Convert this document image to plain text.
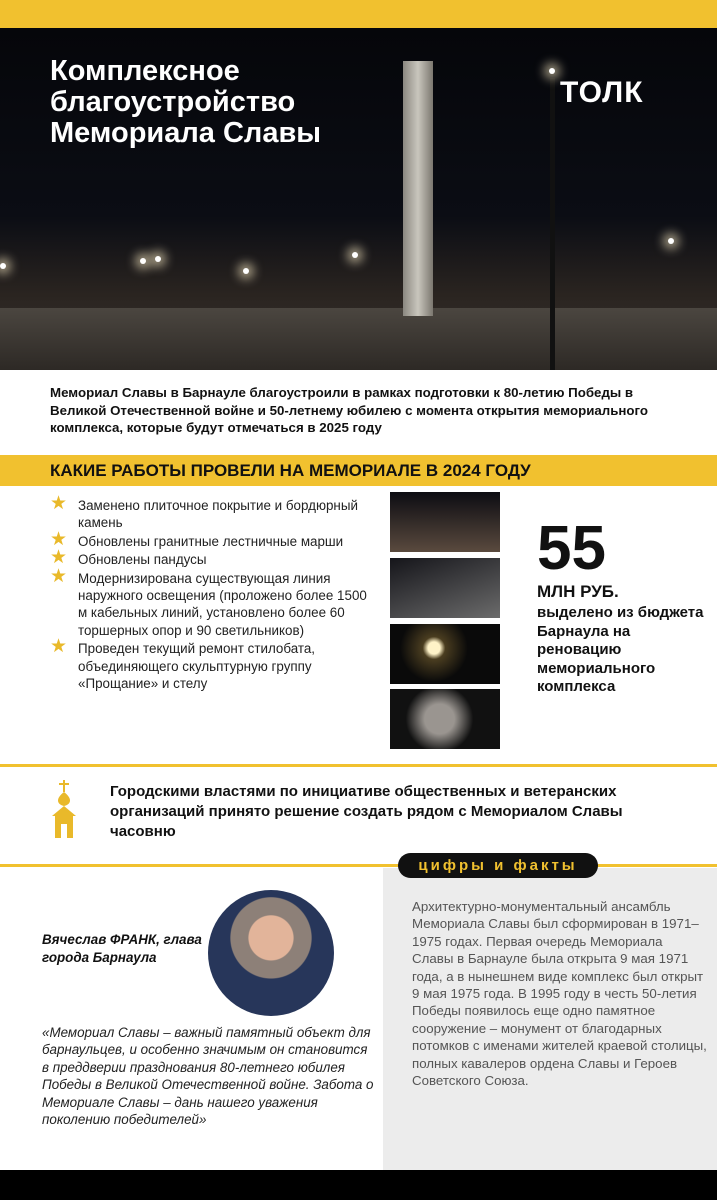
Комплексное благоустройство Мемориала Славы
ТОЛК

Мемориал Славы в Барнауле благоустроили в рамках подготовки к 80-летию Победы в Великой Отечественной войне и 50-летнему юбилею с момента открытия мемориального комплекса, которые будут отмечаться в 2025 году

КАКИЕ РАБОТЫ ПРОВЕЛИ НА МЕМОРИАЛЕ В 2024 ГОДУ
★ Заменено плиточное покрытие и бордюрный камень
★ Обновлены гранитные лестничные марши
★ Обновлены пандусы
★ Модернизирована существующая линия наружного освещения (проложено более 1500 м кабельных линий, установлено более 60 торшерных опор и 90 светильников)
★ Проведен текущий ремонт стилобата, объединяющего скульптурную группу «Прощание» и стелу
55
МЛН РУБ.
выделено из бюджета Барнаула на реновацию мемориального комплекса

Городскими властями по инициативе общественных и ветеранских организаций принято решение создать рядом с Мемориалом Славы часовню

цифры и факты

Архитектурно-монументальный ансамбль Мемориала Славы был сформирован в 1971–1975 годах. Первая очередь Мемориала Славы в Барнауле была открыта 9 мая 1971 года, а в нынешнем виде комплекс был открыт 9 мая 1975 года. В 1995 году в честь 50-летия Победы появилось еще одно памятное сооружение – монумент от благодарных потомков с именами жителей краевой столицы, полных кавалеров ордена Славы и Героев Советского Союза.

Вячеслав ФРАНК, глава города Барнаула

«Мемориал Славы – важный памятный объект для барнаульцев, и особенно значимым он становится в преддверии празднования 80-летнего юбилея Победы в Великой Отечественной войне. Забота о Мемориале Славы – дань нашего уважения поколению победителей»
